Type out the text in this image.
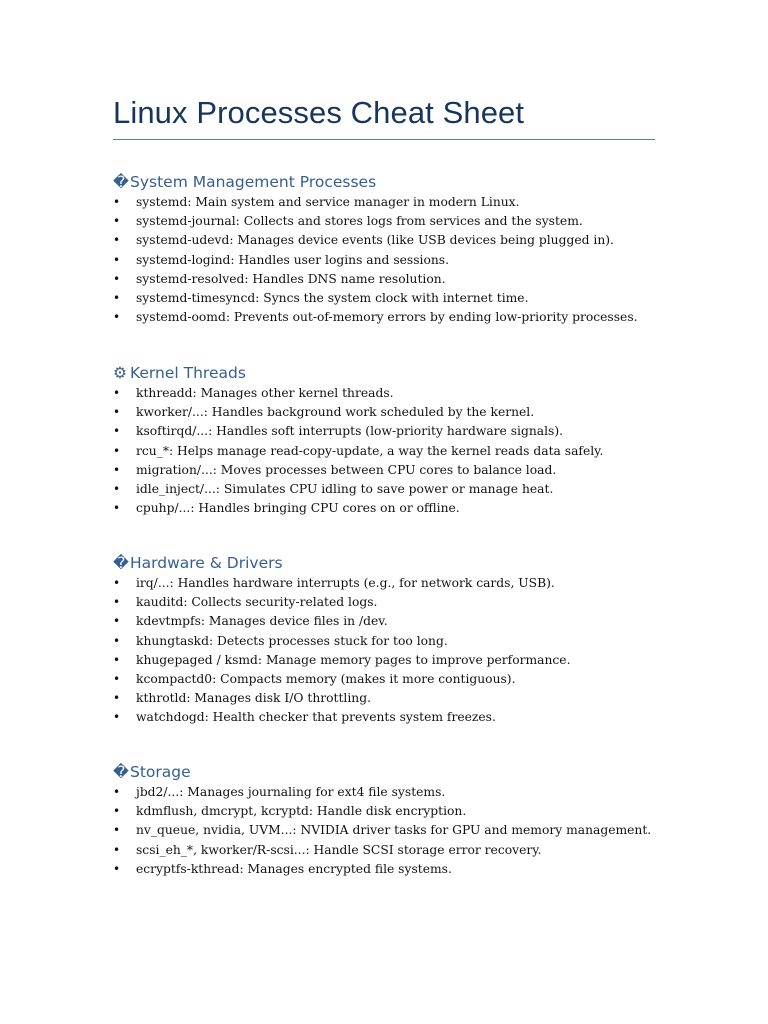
Linux Processes Cheat Sheet
�System Management Processes
• systemd: Main system and service manager in modern Linux.
• systemd-journal: Collects and stores logs from services and the system.
• systemd-udevd: Manages device events (like USB devices being plugged in).
• systemd-logind: Handles user logins and sessions.
• systemd-resolved: Handles DNS name resolution.
• systemd-timesyncd: Syncs the system clock with internet time.
• systemd-oomd: Prevents out-of-memory errors by ending low-priority processes.
⚙ Kernel Threads
• kthreadd: Manages other kernel threads.
• kworker/...: Handles background work scheduled by the kernel.
• ksoftirqd/...: Handles soft interrupts (low-priority hardware signals).
• rcu_*: Helps manage read-copy-update, a way the kernel reads data safely.
• migration/...: Moves processes between CPU cores to balance load.
• idle_inject/...: Simulates CPU idling to save power or manage heat.
• cpuhp/...: Handles bringing CPU cores on or offline.
�Hardware & Drivers
• irq/...: Handles hardware interrupts (e.g., for network cards, USB).
• kauditd: Collects security-related logs.
• kdevtmpfs: Manages device files in /dev.
• khungtaskd: Detects processes stuck for too long.
• khugepaged / ksmd: Manage memory pages to improve performance.
• kcompactd0: Compacts memory (makes it more contiguous).
• kthrotld: Manages disk I/O throttling.
• watchdogd: Health checker that prevents system freezes.
�Storage
• jbd2/...: Manages journaling for ext4 file systems.
• kdmflush, dmcrypt, kcryptd: Handle disk encryption.
• nv_queue, nvidia, UVM...: NVIDIA driver tasks for GPU and memory management.
• scsi_eh_*, kworker/R-scsi...: Handle SCSI storage error recovery.
• ecryptfs-kthread: Manages encrypted file systems.
